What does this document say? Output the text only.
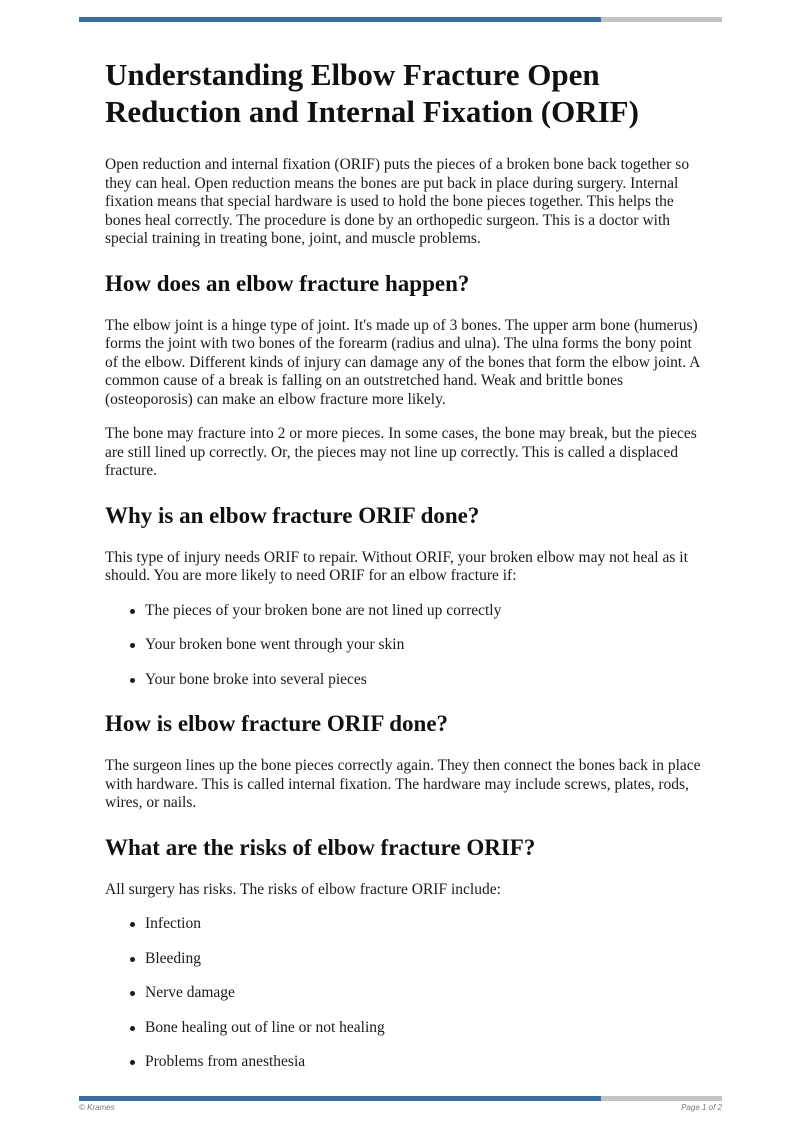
Understanding Elbow Fracture Open Reduction and Internal Fixation (ORIF)

Open reduction and internal fixation (ORIF) puts the pieces of a broken bone back together so they can heal. Open reduction means the bones are put back in place during surgery. Internal fixation means that special hardware is used to hold the bone pieces together. This helps the bones heal correctly. The procedure is done by an orthopedic surgeon. This is a doctor with special training in treating bone, joint, and muscle problems.

How does an elbow fracture happen?

The elbow joint is a hinge type of joint. It's made up of 3 bones. The upper arm bone (humerus) forms the joint with two bones of the forearm (radius and ulna). The ulna forms the bony point of the elbow. Different kinds of injury can damage any of the bones that form the elbow joint. A common cause of a break is falling on an outstretched hand. Weak and brittle bones (osteoporosis) can make an elbow fracture more likely.

The bone may fracture into 2 or more pieces. In some cases, the bone may break, but the pieces are still lined up correctly. Or, the pieces may not line up correctly. This is called a displaced fracture.

Why is an elbow fracture ORIF done?

This type of injury needs ORIF to repair. Without ORIF, your broken elbow may not heal as it should. You are more likely to need ORIF for an elbow fracture if:

The pieces of your broken bone are not lined up correctly
Your broken bone went through your skin
Your bone broke into several pieces
How is elbow fracture ORIF done?

The surgeon lines up the bone pieces correctly again. They then connect the bones back in place with hardware. This is called internal fixation. The hardware may include screws, plates, rods, wires, or nails.

What are the risks of elbow fracture ORIF?

All surgery has risks. The risks of elbow fracture ORIF include:

Infection
Bleeding
Nerve damage
Bone healing out of line or not healing
Problems from anesthesia
© Krames	Page 1 of 2
